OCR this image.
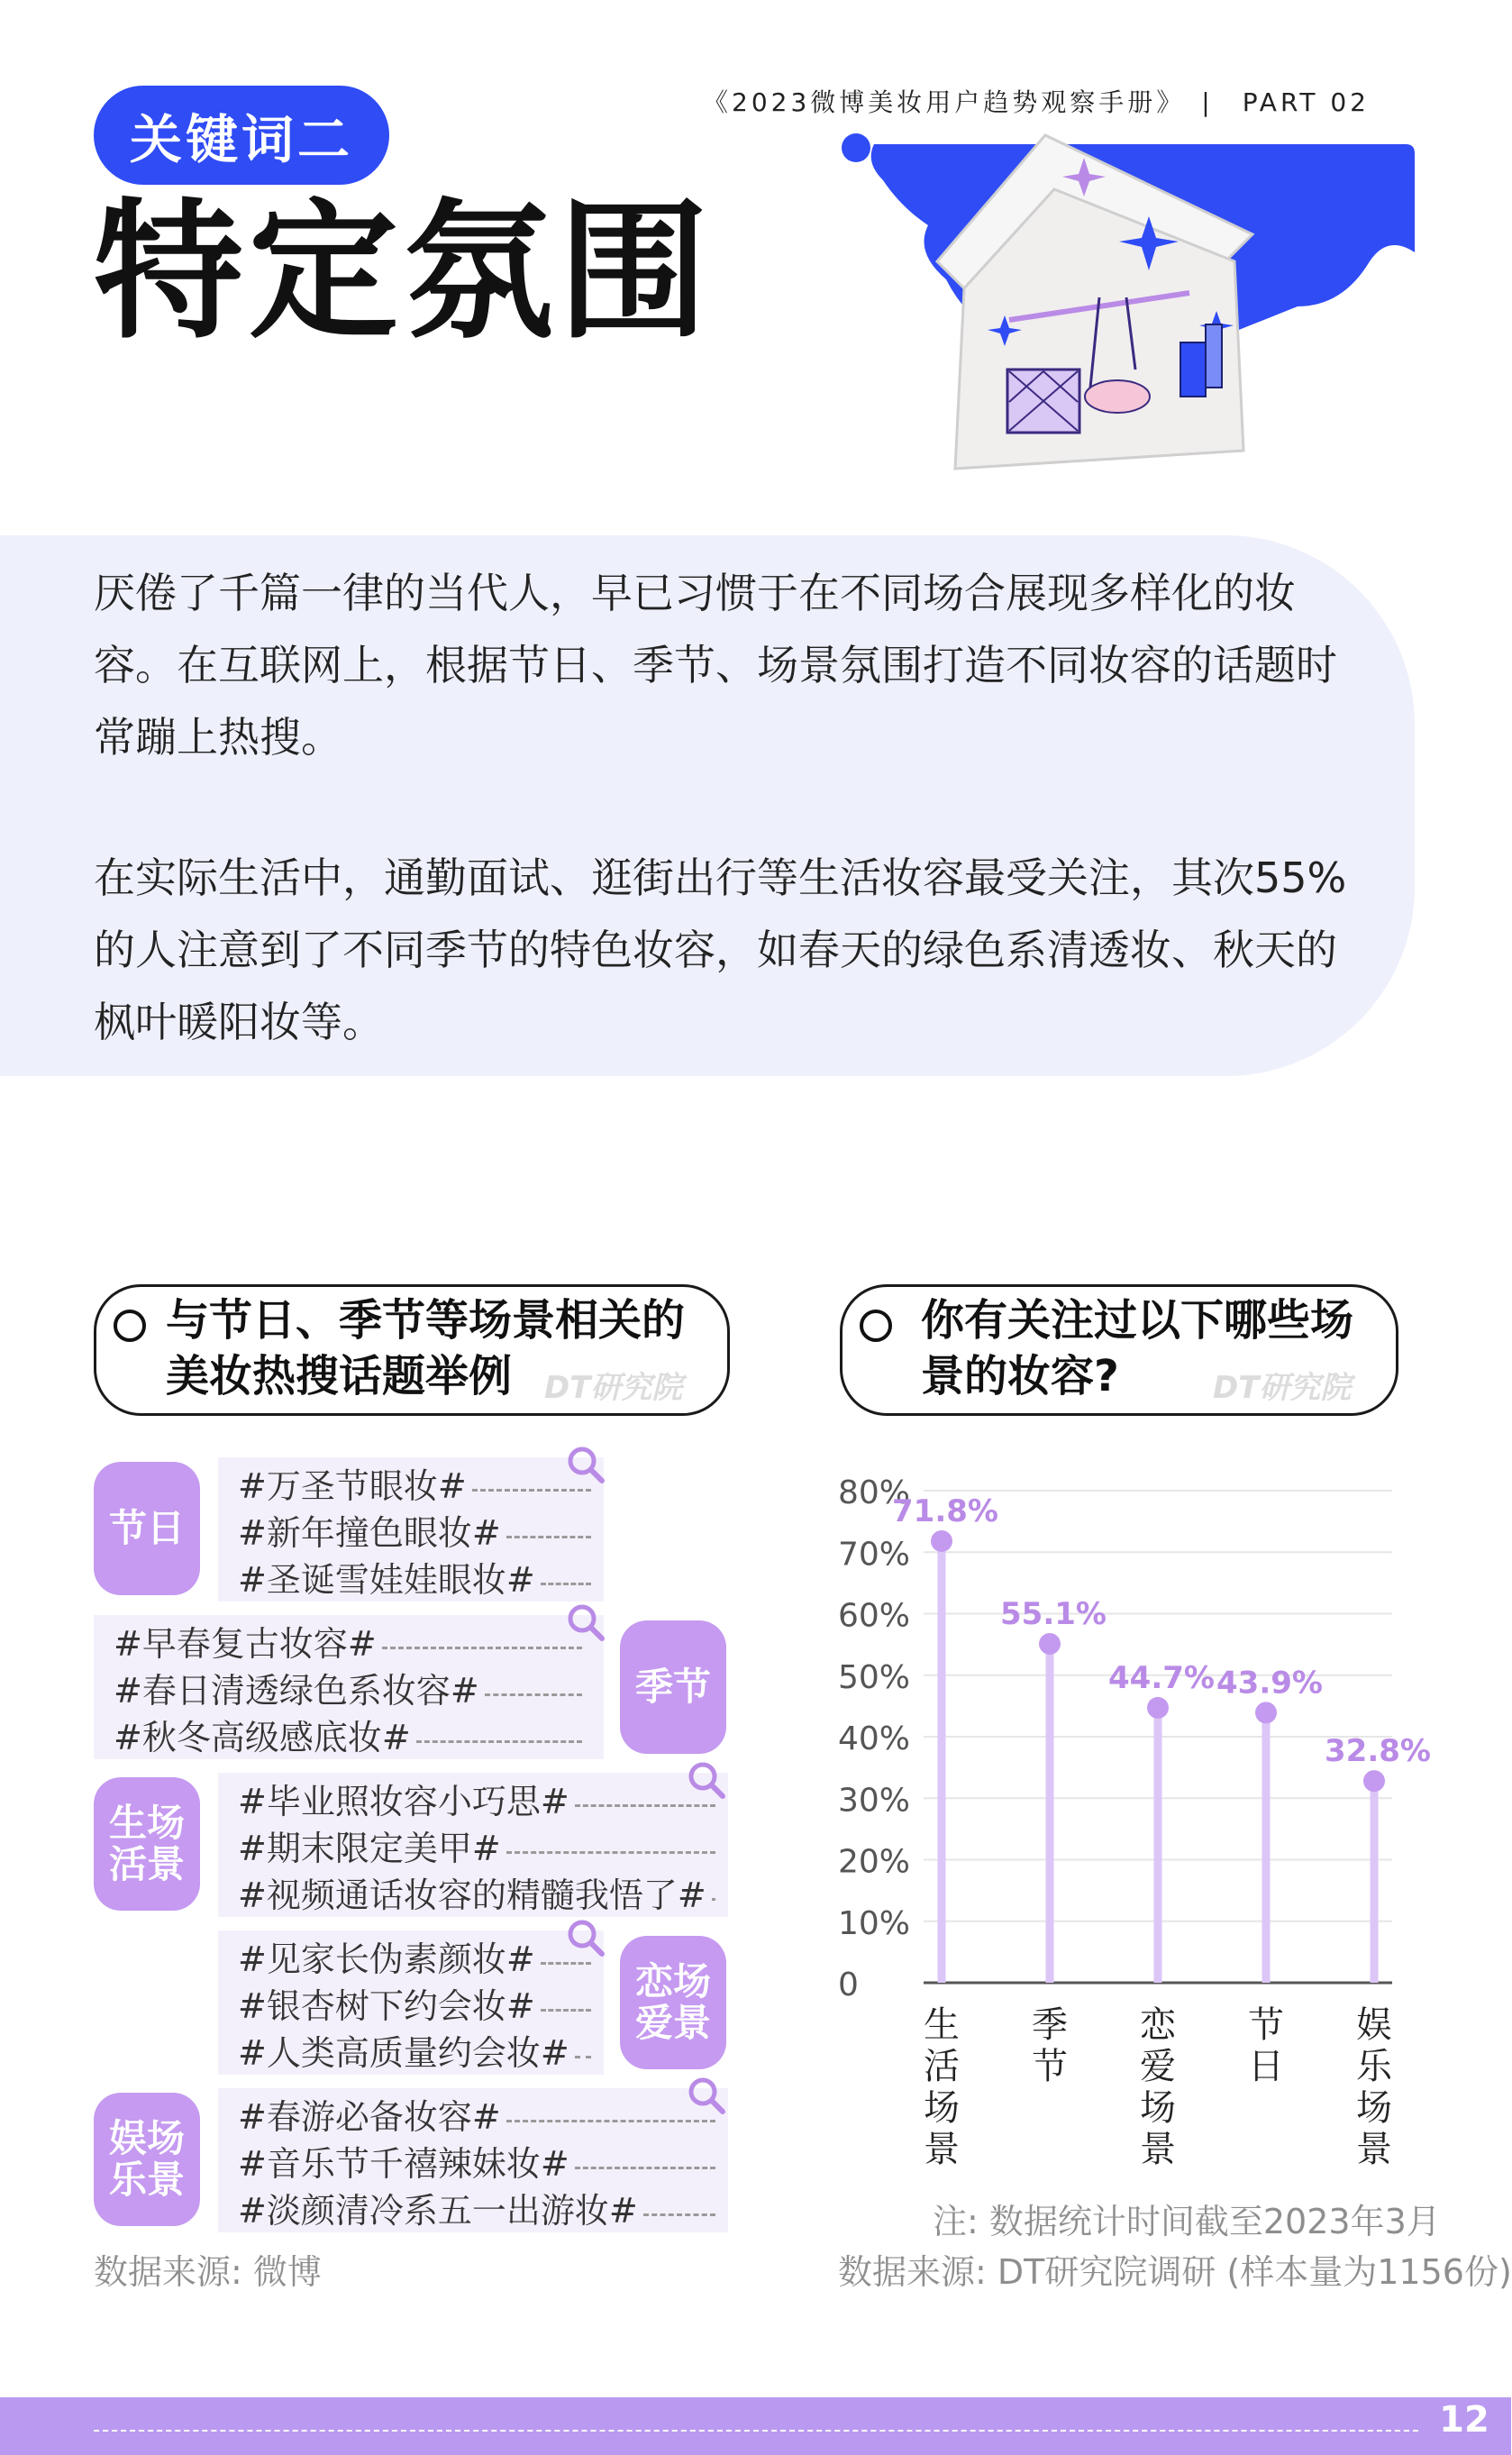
《2023微博美妆用户趋势观察手册》　|　PART 02
关键词二
特定氛围

厌倦了千篇一律的当代人，早已习惯于在不同场合展现多样化的妆容。在互联网上，根据节日、季节、场景氛围打造不同妆容的话题时常蹦上热搜。

在实际生活中，通勤面试、逛街出行等生活妆容最受关注，其次55% 的人注意到了不同季节的特色妆容，如春天的绿色系清透妆、秋天的枫叶暖阳妆等。

与节日、季节等场景相关的
美妆热搜话题举例 DT研究院
节日
#万圣节眼妆#
#新年撞色眼妆#
#圣诞雪娃娃眼妆#
#早春复古妆容#
#春日清透绿色系妆容#
#秋冬高级感底妆#
季节
生场活景
#毕业照妆容小巧思#
#期末限定美甲#
#视频通话妆容的精髓我悟了#
#见家长伪素颜妆#
#银杏树下约会妆#
#人类高质量约会妆#
恋场爱景
娱场乐景
#春游必备妆容#
#音乐节千禧辣妹妆#
#淡颜清冷系五一出游妆#
数据来源: 微博
你有关注过以下哪些场
景的妆容?	DT研究院
0
10%
20%
30%
40%
50%
60%
70%
80%
71.8%
生活场景
55.1%
季节
44.7%
恋爱场景
43.9%
节日
32.8%
娱乐场景
注: 数据统计时间截至2023年3月
数据来源: DT研究院调研 (样本量为1156份)
12
